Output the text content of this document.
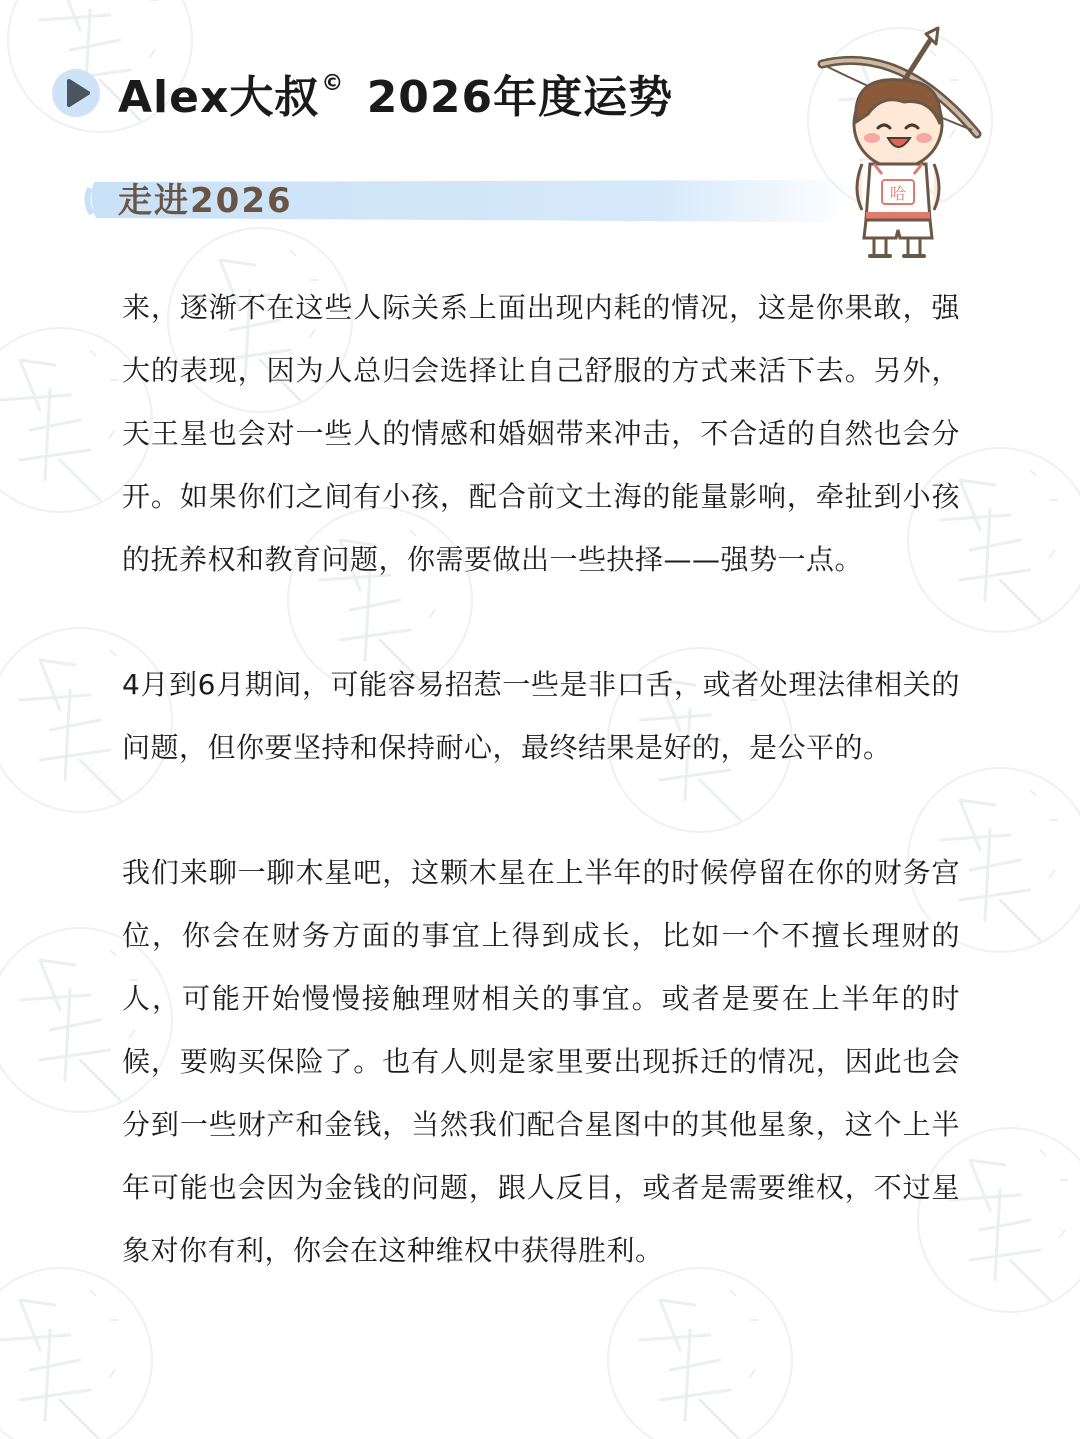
Alex大叔© 2026年度运势
走进2026	哈

来，逐渐不在这些人际关系上面出现内耗的情况，这是你果敢，强大的表现，因为人总归会选择让自己舒服的方式来活下去。另外，天王星也会对一些人的情感和婚姻带来冲击，不合适的自然也会分开。如果你们之间有小孩，配合前文土海的能量影响，牵扯到小孩的抚养权和教育问题，你需要做出一些抉择——强势一点。

4月到6月期间，可能容易招惹一些是非口舌，或者处理法律相关的问题，但你要坚持和保持耐心，最终结果是好的，是公平的。

我们来聊一聊木星吧，这颗木星在上半年的时候停留在你的财务宫位，你会在财务方面的事宜上得到成长，比如一个不擅长理财的人，可能开始慢慢接触理财相关的事宜。或者是要在上半年的时候，要购买保险了。也有人则是家里要出现拆迁的情况，因此也会分到一些财产和金钱，当然我们配合星图中的其他星象，这个上半年可能也会因为金钱的问题，跟人反目，或者是需要维权，不过星象对你有利，你会在这种维权中获得胜利。
